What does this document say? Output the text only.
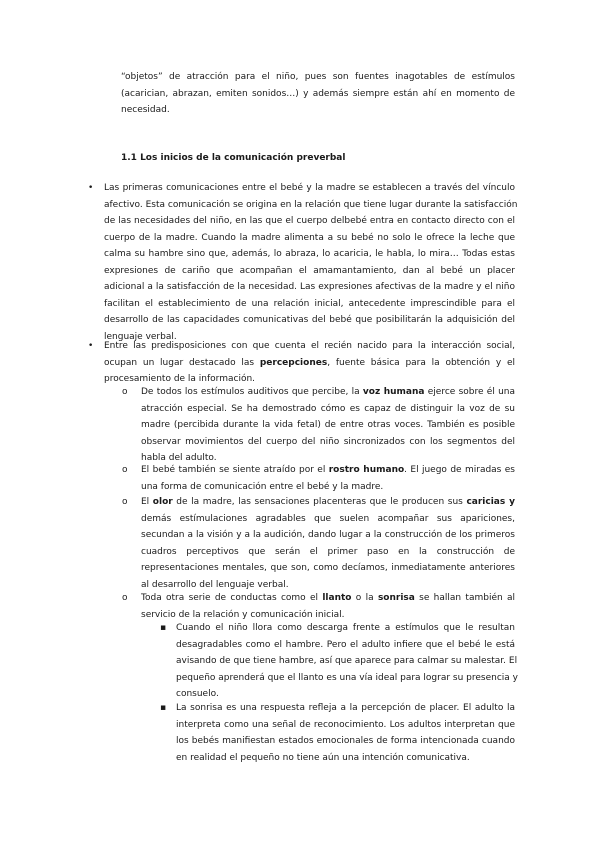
“objetos” de atracción para el niño, pues son fuentes inagotables de estímulos
(acarician, abrazan, emiten sonidos…) y además siempre están ahí en momento de
necesidad.
1.1 Los inicios de la comunicación preverbal
• Las primeras comunicaciones entre el bebé y la madre se establecen a través del vínculo
afectivo. Esta comunicación se origina en la relación que tiene lugar durante la satisfacción
de las necesidades del niño, en las que el cuerpo delbebé entra en contacto directo con el
cuerpo de la madre. Cuando la madre alimenta a su bebé no solo le ofrece la leche que
calma su hambre sino que, además, lo abraza, lo acaricia, le habla, lo mira… Todas estas
expresiones de cariño que acompañan el amamantamiento, dan al bebé un placer
adicional a la satisfacción de la necesidad. Las expresiones afectivas de la madre y el niño
facilitan el establecimiento de una relación inicial, antecedente imprescindible para el
desarrollo de las capacidades comunicativas del bebé que posibilitarán la adquisición del
lenguaje verbal.
• Entre las predisposiciones con que cuenta el recién nacido para la interacción social,
ocupan un lugar destacado las percepciones, fuente básica para la obtención y el
procesamiento de la información.
o De todos los estímulos auditivos que percibe, la voz humana ejerce sobre él una
atracción especial. Se ha demostrado cómo es capaz de distinguir la voz de su
madre (percibida durante la vida fetal) de entre otras voces. También es posible
observar movimientos del cuerpo del niño sincronizados con los segmentos del
habla del adulto.
o El bebé también se siente atraído por el rostro humano. El juego de miradas es
una forma de comunicación entre el bebé y la madre.
o El olor de la madre, las sensaciones placenteras que le producen sus caricias y
demás estímulaciones agradables que suelen acompañar sus apariciones,
secundan a la visión y a la audición, dando lugar a la construcción de los primeros
cuadros perceptivos que serán el primer paso en la construcción de
representaciones mentales, que son, como decíamos, inmediatamente anteriores
al desarrollo del lenguaje verbal.
o Toda otra serie de conductas como el llanto o la sonrisa se hallan también al
servicio de la relación y comunicación inicial.
▪ Cuando el niño llora como descarga frente a estímulos que le resultan
desagradables como el hambre. Pero el adulto infiere que el bebé le está
avisando de que tiene hambre, así que aparece para calmar su malestar. El
pequeño aprenderá que el llanto es una vía ideal para lograr su presencia y
consuelo.
▪ La sonrisa es una respuesta refleja a la percepción de placer. El adulto la
interpreta como una señal de reconocimiento. Los adultos interpretan que
los bebés manifiestan estados emocionales de forma intencionada cuando
en realidad el pequeño no tiene aún una intención comunicativa.
